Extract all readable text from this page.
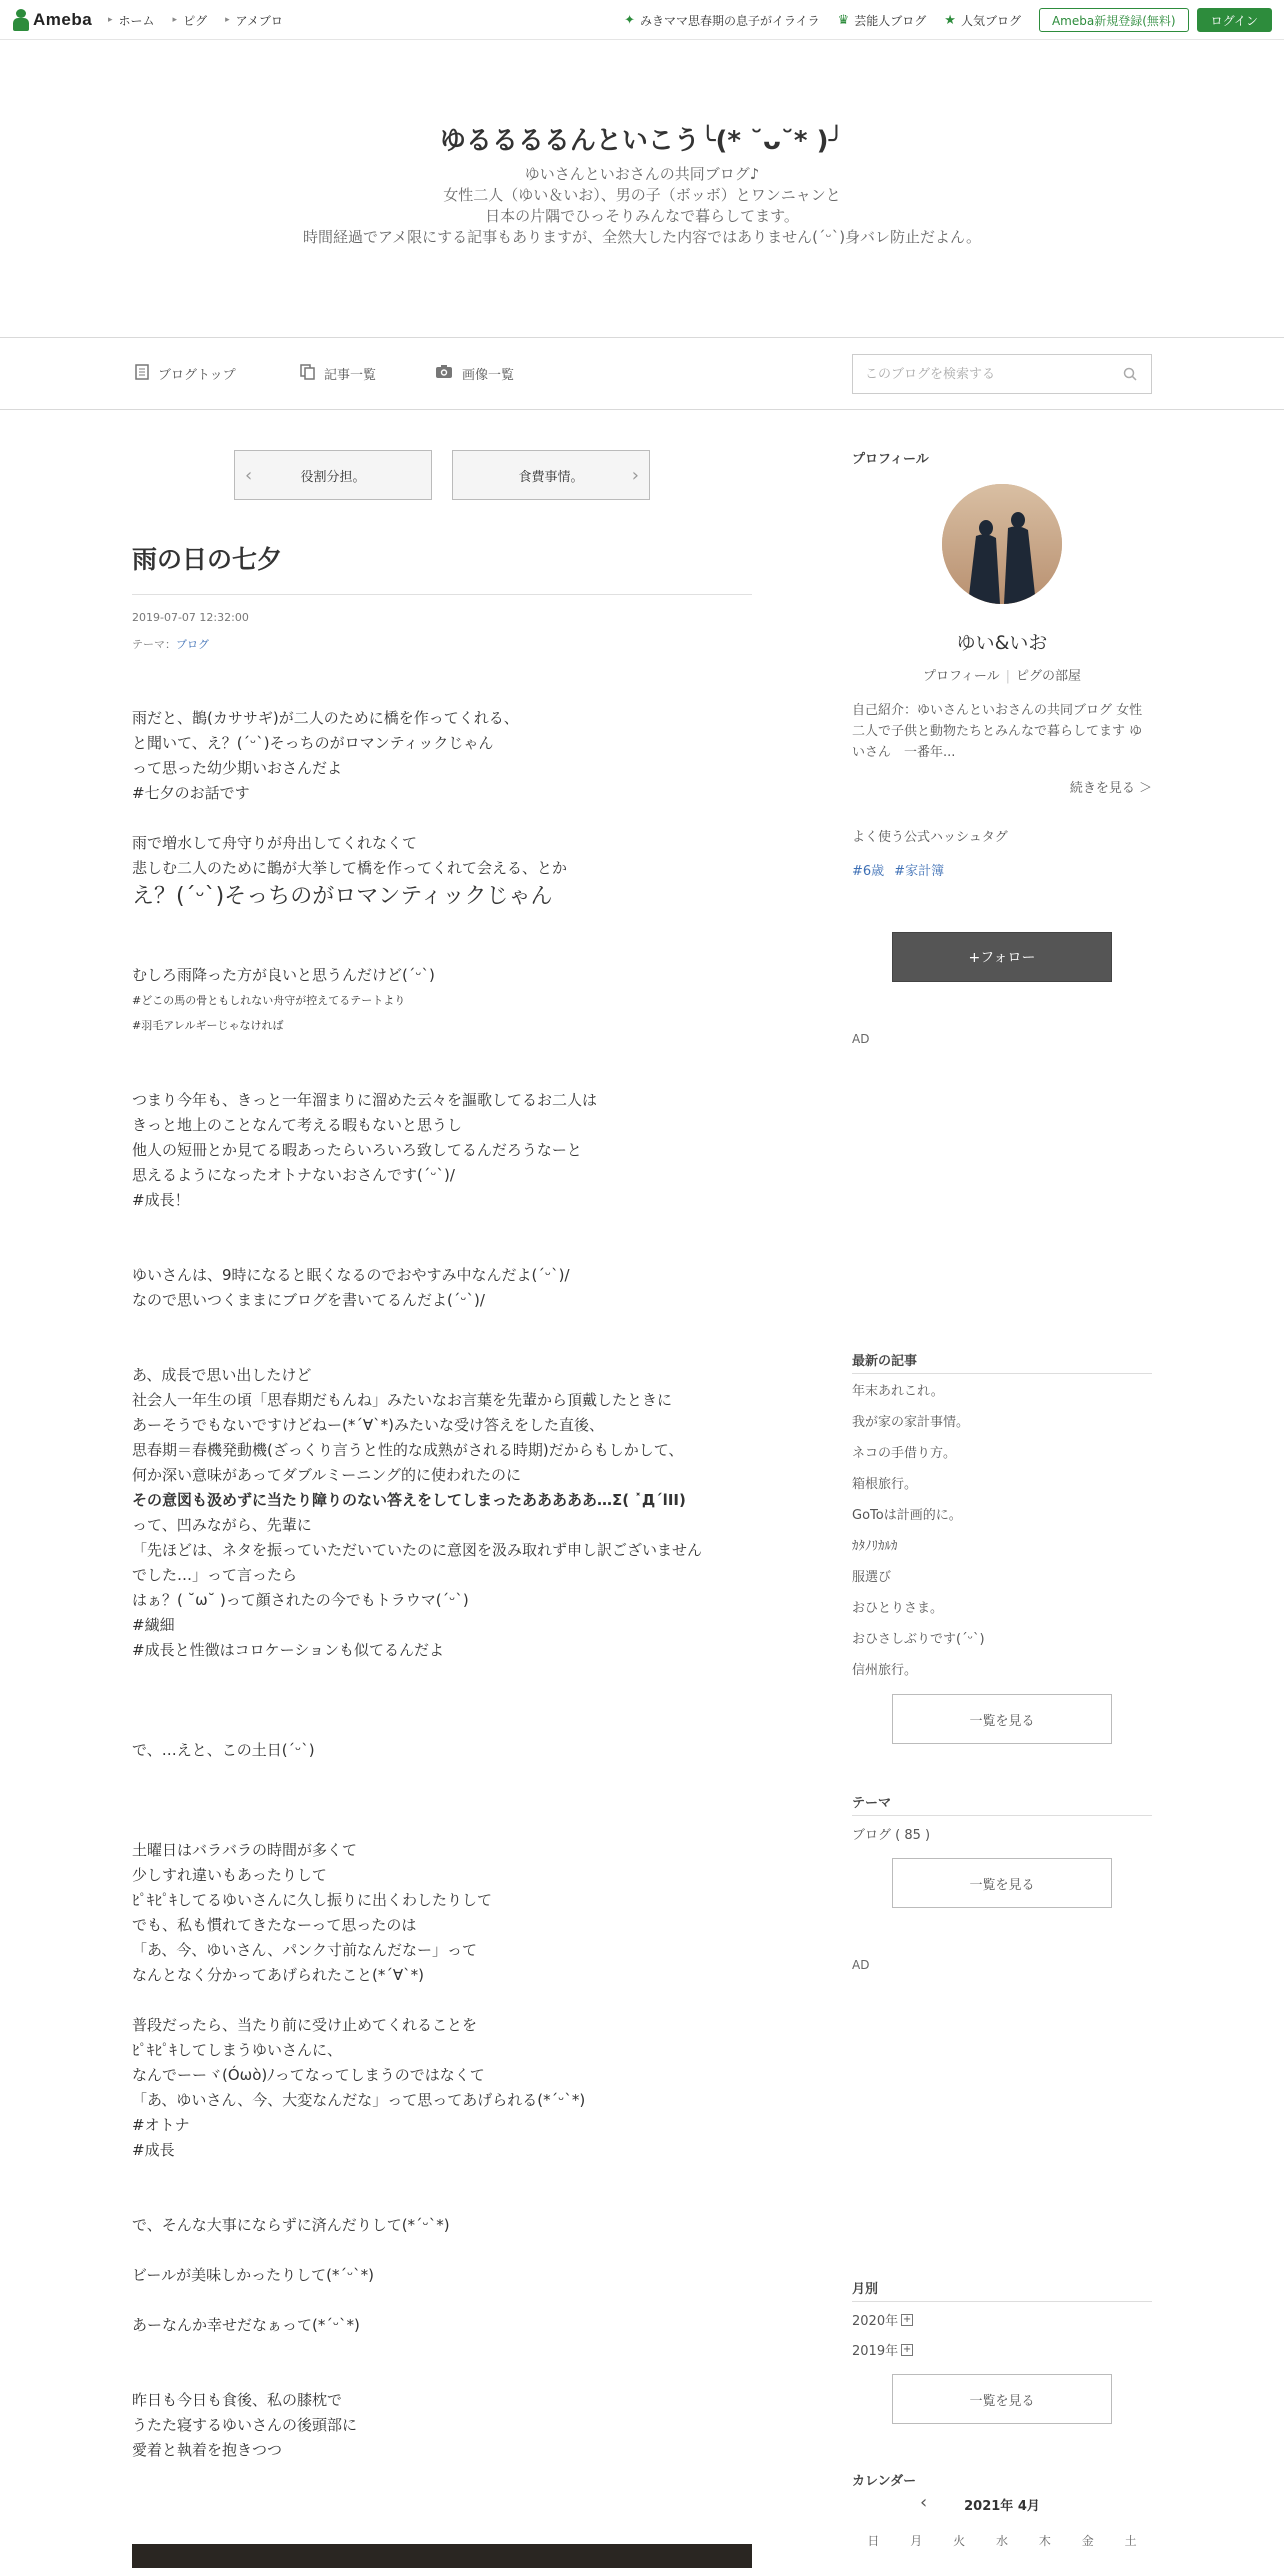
Ameba ▸ ホーム ▸ ピグ ▸ アメブロ	✦ みきママ思春期の息子がイライラ ♛ 芸能人ブログ ★ 人気ブログ	Ameba新規登録(無料)	ログイン
ゆるるるるんといこう╰(* ˘ᴗ˘* )╯
ゆいさんといおさんの共同ブログ♪
女性二人（ゆい＆いお）、男の子（ボッボ）とワンニャンと
日本の片隅でひっそりみんなで暮らしてます。
時間経過でアメ限にする記事もありますが、全然大した内容ではありません(ˊᵕˋ)身バレ防止だよん。
ブログトップ	記事一覧	画像一覧
このブログを検索する
‹	役割分担。	食費事情。	›
雨の日の七夕
2019-07-07 12:32:00
テーマ：ブログ
雨だと、鵲(カササギ)が二人のために橋を作ってくれる、
と聞いて、え？(ˊᵕˋ)そっちのがロマンティックじゃん
って思った幼少期いおさんだよ
#七夕のお話です

雨で増水して舟守りが舟出してくれなくて
悲しむ二人のために鵲が大挙して橋を作ってくれて会える、とか
え？(ˊᵕˋ)そっちのがロマンティックじゃん

むしろ雨降った方が良いと思うんだけど(ˊᵕˋ)
#どこの馬の骨ともしれない舟守が控えてるテートより
#羽毛アレルギーじゃなければ

つまり今年も、きっと一年溜まりに溜めた云々を謳歌してるお二人は
きっと地上のことなんて考える暇もないと思うし
他人の短冊とか見てる暇あったらいろいろ致してるんだろうなーと
思えるようになったオトナないおさんです(ˊᵕˋ)/
#成長！

ゆいさんは、9時になると眠くなるのでおやすみ中なんだよ(ˊᵕˋ)/
なので思いつくままにブログを書いてるんだよ(ˊᵕˋ)/

あ、成長で思い出したけど
社会人一年生の頃「思春期だもんね」みたいなお言葉を先輩から頂戴したときに
あーそうでもないですけどねー(*´∀`*)みたいな受け答えをした直後、
思春期＝春機発動機(ざっくり言うと性的な成熟がされる時期)だからもしかして、
何か深い意味があってダブルミーニング的に使われたのに
その意図も汲めずに当たり障りのない答えをしてしまったあああああ…Σ( ˟ДˊlII)
って、凹みながら、先輩に
「先ほどは、ネタを振っていただいていたのに意図を汲み取れず申し訳ございません
でした…」って言ったら
はぁ？( ˘ω˘ )って顔されたの今でもトラウマ(ˊᵕˋ)
#繊細
#成長と性徴はコロケーションも似てるんだよ

で、…えと、この土日(ˊᵕˋ)

土曜日はバラバラの時間が多くて
少しすれ違いもあったりして
ﾋﾟｷﾋﾟｷしてるゆいさんに久し振りに出くわしたりして
でも、私も慣れてきたなーって思ったのは
「あ、今、ゆいさん、パンク寸前なんだなー」って
なんとなく分かってあげられたこと(*ˊ∀ˋ*)

普段だったら、当たり前に受け止めてくれることを
ﾋﾟｷﾋﾟｷしてしまうゆいさんに、
なんでーーヾ(Óωò)ﾉってなってしまうのではなくて
「あ、ゆいさん、今、大変なんだな」って思ってあげられる(*ˊᵕˋ*)
#オトナ
#成長

で、そんな大事にならずに済んだりして(*ˊᵕˋ*)

ビールが美味しかったりして(*ˊᵕˋ*)

あーなんか幸せだなぁって(*ˊᵕˋ*)

昨日も今日も食後、私の膝枕で
うたた寝するゆいさんの後頭部に
愛着と執着を抱きつつ
プロフィール
ゆい&いお
プロフィール | ピグの部屋
自己紹介：ゆいさんといおさんの共同ブログ 女性二人で子供と動物たちとみんなで暮らしてます ゆいさん　一番年...
続きを見る ＞
よく使う公式ハッシュタグ
#6歳 #家計簿
+フォロー
AD
最新の記事
年末あれこれ。
我が家の家計事情。
ネコの手借り方。
箱根旅行。
GoToは計画的に。
ｶﾀﾉﾘｶﾙｶ
服選び
おひとりさま。
おひさしぶりです(ˊᵕˋ)
信州旅行。
一覧を見る
テーマ
ブログ ( 85 )
一覧を見る
AD
月別
2020年 +
2019年 +
一覧を見る
カレンダー
‹	2021年 4月
日	月	火	水	木	金	土
